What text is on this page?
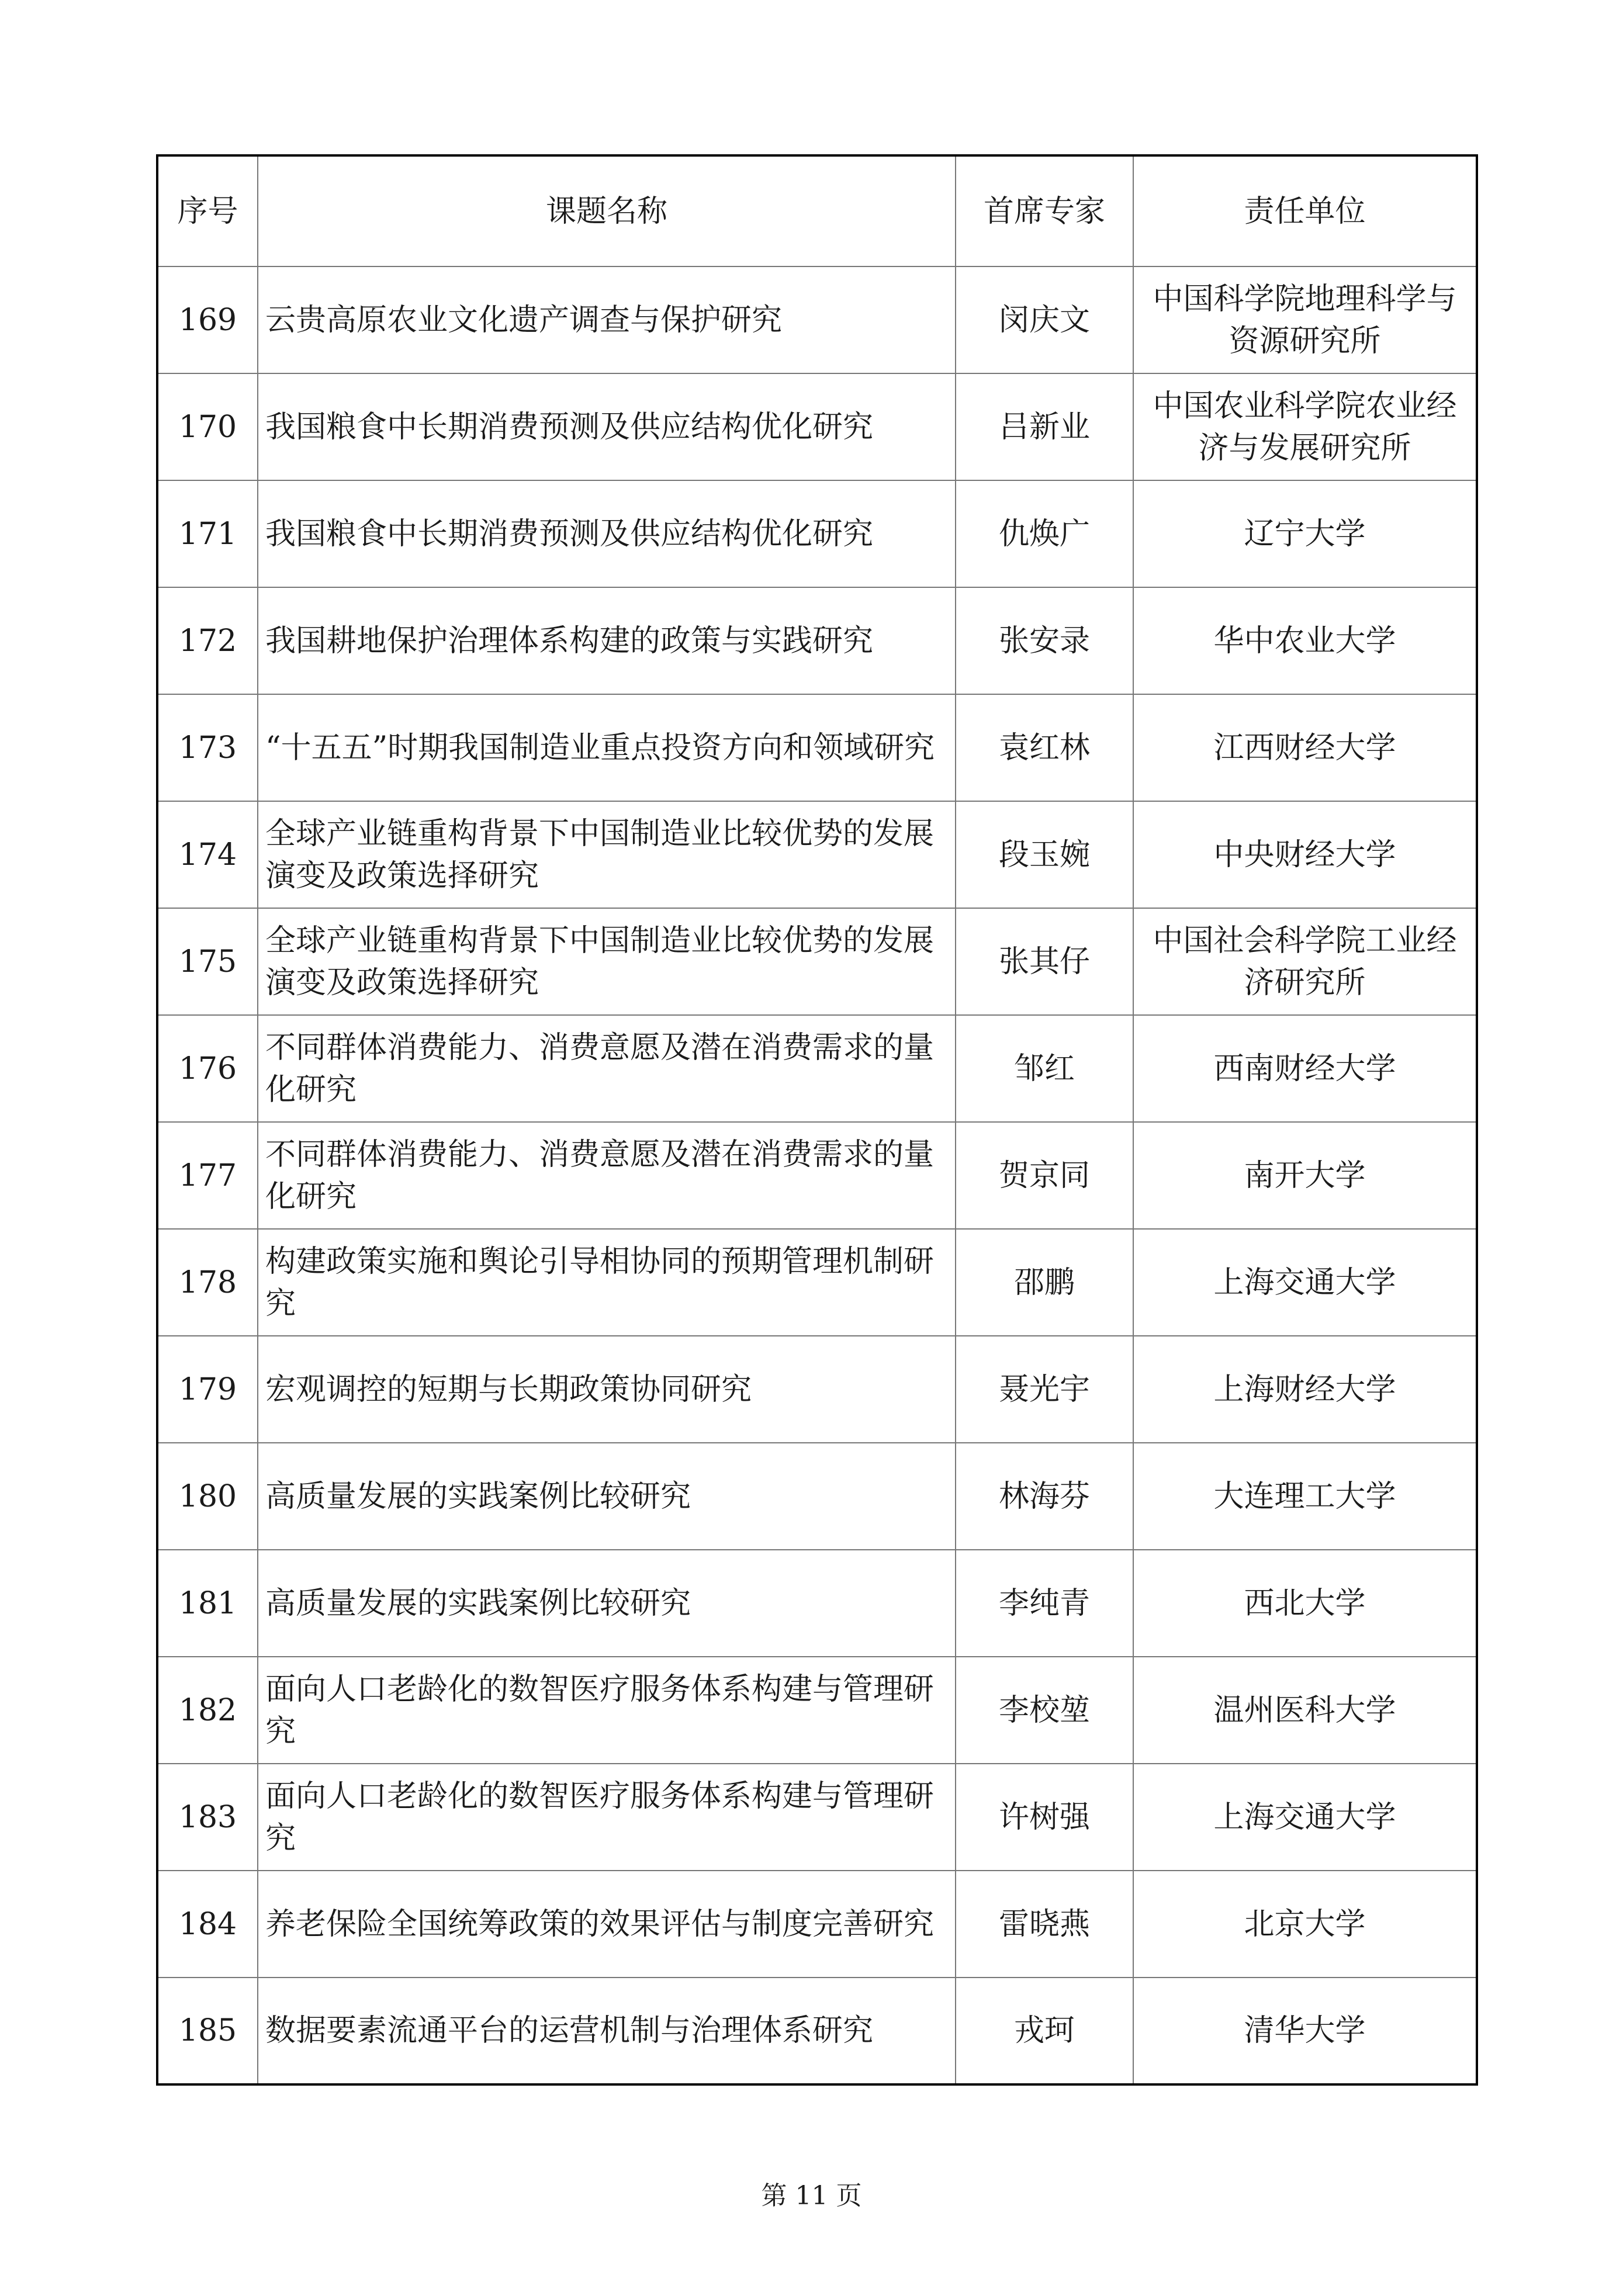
序号	课题名称	首席专家	责任单位
169	云贵高原农业文化遗产调查与保护研究	闵庆文	中国科学院地理科学与资源研究所
170	我国粮食中长期消费预测及供应结构优化研究	吕新业	中国农业科学院农业经济与发展研究所
171	我国粮食中长期消费预测及供应结构优化研究	仇焕广	辽宁大学
172	我国耕地保护治理体系构建的政策与实践研究	张安录	华中农业大学
173	“十五五”时期我国制造业重点投资方向和领域研究	袁红林	江西财经大学
174	全球产业链重构背景下中国制造业比较优势的发展演变及政策选择研究	段玉婉	中央财经大学
175	全球产业链重构背景下中国制造业比较优势的发展演变及政策选择研究	张其仔	中国社会科学院工业经济研究所
176	不同群体消费能力、消费意愿及潜在消费需求的量化研究	邹红	西南财经大学
177	不同群体消费能力、消费意愿及潜在消费需求的量化研究	贺京同	南开大学
178	构建政策实施和舆论引导相协同的预期管理机制研究	邵鹏	上海交通大学
179	宏观调控的短期与长期政策协同研究	聂光宇	上海财经大学
180	高质量发展的实践案例比较研究	林海芬	大连理工大学
181	高质量发展的实践案例比较研究	李纯青	西北大学
182	面向人口老龄化的数智医疗服务体系构建与管理研究	李校堃	温州医科大学
183	面向人口老龄化的数智医疗服务体系构建与管理研究	许树强	上海交通大学
184	养老保险全国统筹政策的效果评估与制度完善研究	雷晓燕	北京大学
185	数据要素流通平台的运营机制与治理体系研究	戎珂	清华大学
第 11 页
